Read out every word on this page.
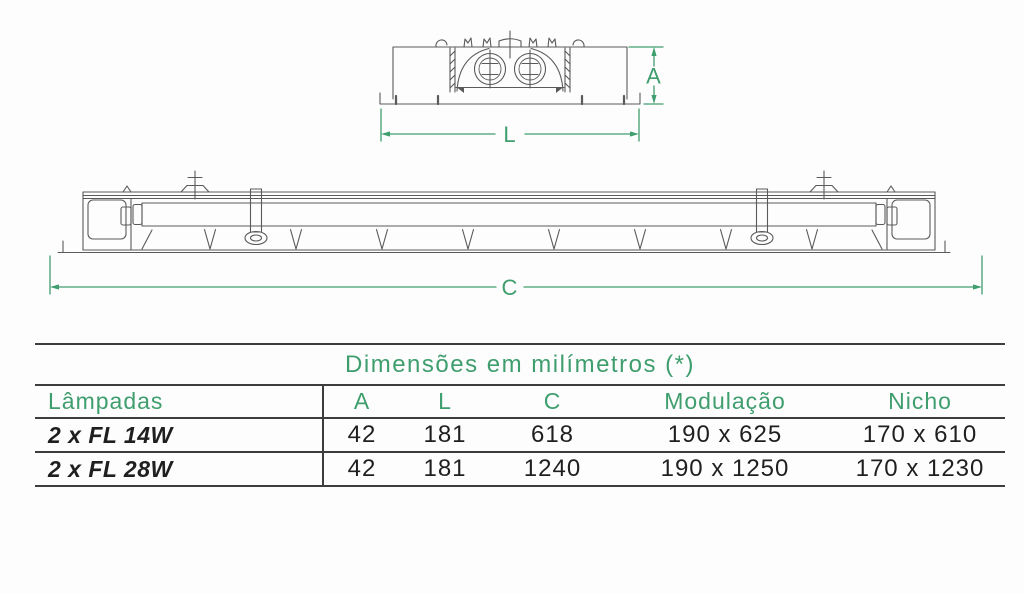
A
L
C
Dimensões em milímetros (*)
Lâmpadas	A	L	C	Modulação	Nicho
2 x FL 14W	42	181	618	190 x 625	170 x 610
2 x FL 28W	42	181	1240	190 x 1250	170 x 1230
